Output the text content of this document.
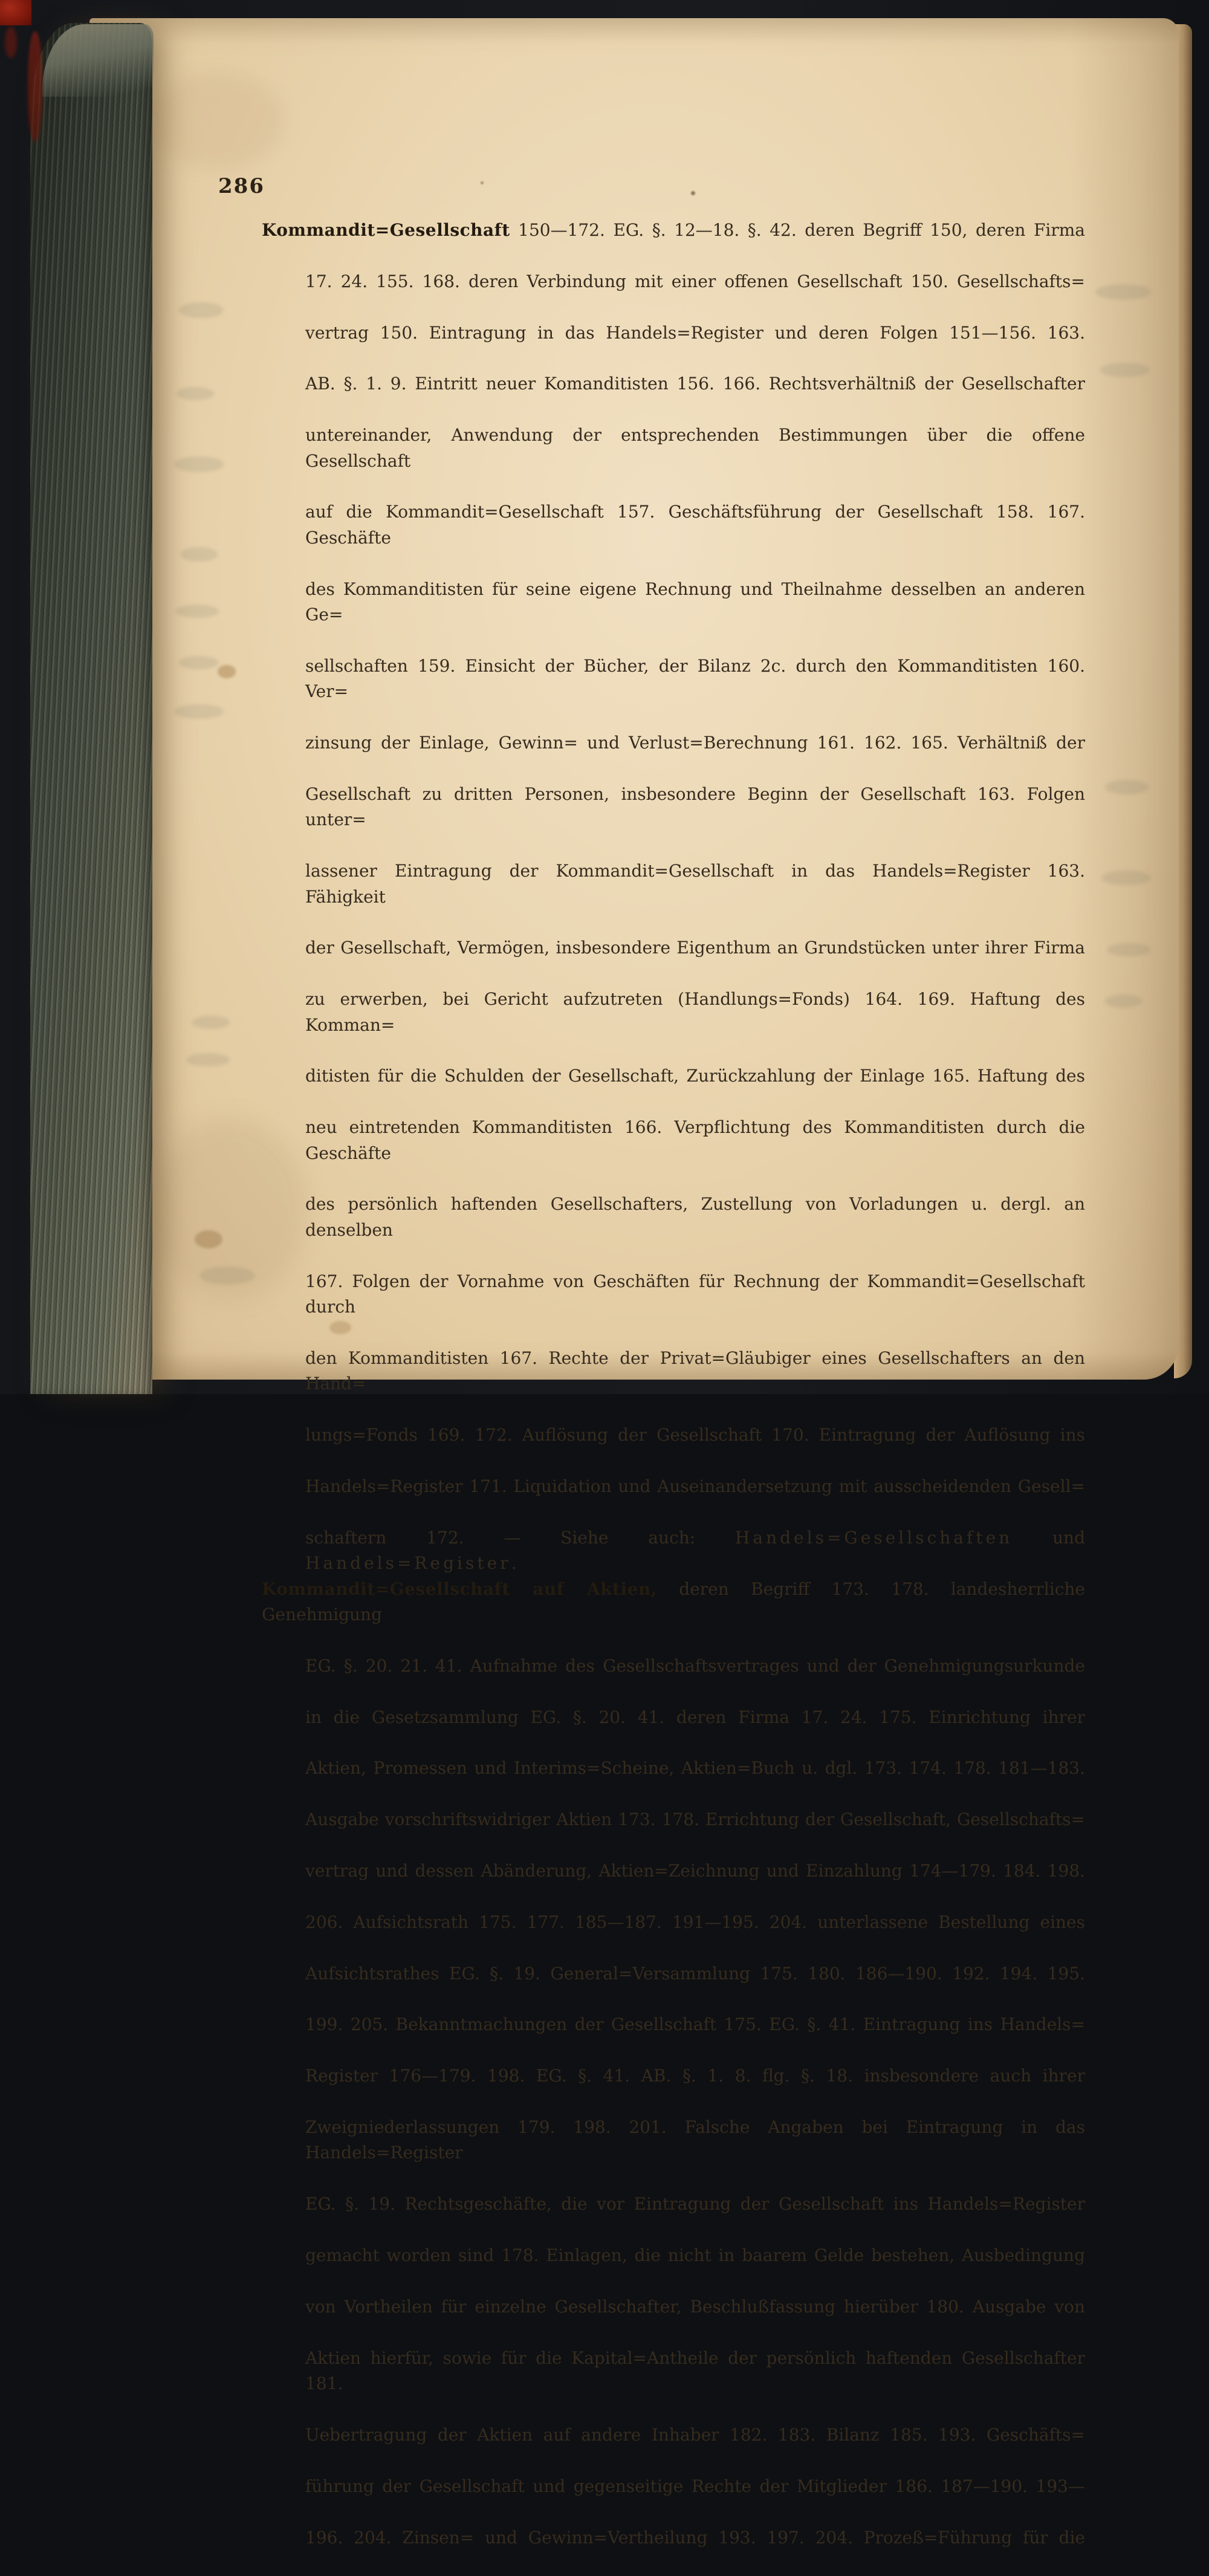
286
Kommandit=Gesellschaft 150—172. EG. §. 12—18. §. 42. deren Begriff 150, deren Firma
17. 24. 155. 168. deren Verbindung mit einer offenen Gesellschaft 150. Gesellschafts=
vertrag 150. Eintragung in das Handels=Register und deren Folgen 151—156. 163.
AB. §. 1. 9. Eintritt neuer Komanditisten 156. 166. Rechtsverhältniß der Gesellschafter
untereinander, Anwendung der entsprechenden Bestimmungen über die offene Gesellschaft
auf die Kommandit=Gesellschaft 157. Geschäftsführung der Gesellschaft 158. 167. Geschäfte
des Kommanditisten für seine eigene Rechnung und Theilnahme desselben an anderen Ge=
sellschaften 159. Einsicht der Bücher, der Bilanz 2c. durch den Kommanditisten 160. Ver=
zinsung der Einlage, Gewinn= und Verlust=Berechnung 161. 162. 165. Verhältniß der
Gesellschaft zu dritten Personen, insbesondere Beginn der Gesellschaft 163. Folgen unter=
lassener Eintragung der Kommandit=Gesellschaft in das Handels=Register 163. Fähigkeit
der Gesellschaft, Vermögen, insbesondere Eigenthum an Grundstücken unter ihrer Firma
zu erwerben, bei Gericht aufzutreten (Handlungs=Fonds) 164. 169. Haftung des Komman=
ditisten für die Schulden der Gesellschaft, Zurückzahlung der Einlage 165. Haftung des
neu eintretenden Kommanditisten 166. Verpflichtung des Kommanditisten durch die Geschäfte
des persönlich haftenden Gesellschafters, Zustellung von Vorladungen u. dergl. an denselben
167. Folgen der Vornahme von Geschäften für Rechnung der Kommandit=Gesellschaft durch
den Kommanditisten 167. Rechte der Privat=Gläubiger eines Gesellschafters an den Hand=
lungs=Fonds 169. 172. Auflösung der Gesellschaft 170. Eintragung der Auflösung ins
Handels=Register 171. Liquidation und Auseinandersetzung mit ausscheidenden Gesell=
schaftern 172. — Siehe auch: Handels=Gesellschaften und Handels=Register.
Kommandit=Gesellschaft auf Aktien, deren Begriff 173. 178. landesherrliche Genehmigung
EG. §. 20. 21. 41. Aufnahme des Gesellschaftsvertrages und der Genehmigungsurkunde
in die Gesetzsammlung EG. §. 20. 41. deren Firma 17. 24. 175. Einrichtung ihrer
Aktien, Promessen und Interims=Scheine, Aktien=Buch u. dgl. 173. 174. 178. 181—183.
Ausgabe vorschriftswidriger Aktien 173. 178. Errichtung der Gesellschaft, Gesellschafts=
vertrag und dessen Abänderung, Aktien=Zeichnung und Einzahlung 174—179. 184. 198.
206. Aufsichtsrath 175. 177. 185—187. 191—195. 204. unterlassene Bestellung eines
Aufsichtsrathes EG. §. 19. General=Versammlung 175. 180. 186—190. 192. 194. 195.
199. 205. Bekanntmachungen der Gesellschaft 175. EG. §. 41. Eintragung ins Handels=
Register 176—179. 198. EG. §. 41. AB. §. 1. 8. flg. §. 18. insbesondere auch ihrer
Zweigniederlassungen 179. 198. 201. Falsche Angaben bei Eintragung in das Handels=Register
EG. §. 19. Rechtsgeschäfte, die vor Eintragung der Gesellschaft ins Handels=Register
gemacht worden sind 178. Einlagen, die nicht in baarem Gelde bestehen, Ausbedingung
von Vortheilen für einzelne Gesellschafter, Beschlußfassung hierüber 180. Ausgabe von
Aktien hierfür, sowie für die Kapital=Antheile der persönlich haftenden Gesellschafter 181.
Uebertragung der Aktien auf andere Inhaber 182. 183. Bilanz 185. 193. Geschäfts=
führung der Gesellschaft und gegenseitige Rechte der Mitglieder 186. 187—190. 193—
196. 204. Zinsen= und Gewinn=Vertheilung 193. 197. 204. Prozeß=Führung für die
